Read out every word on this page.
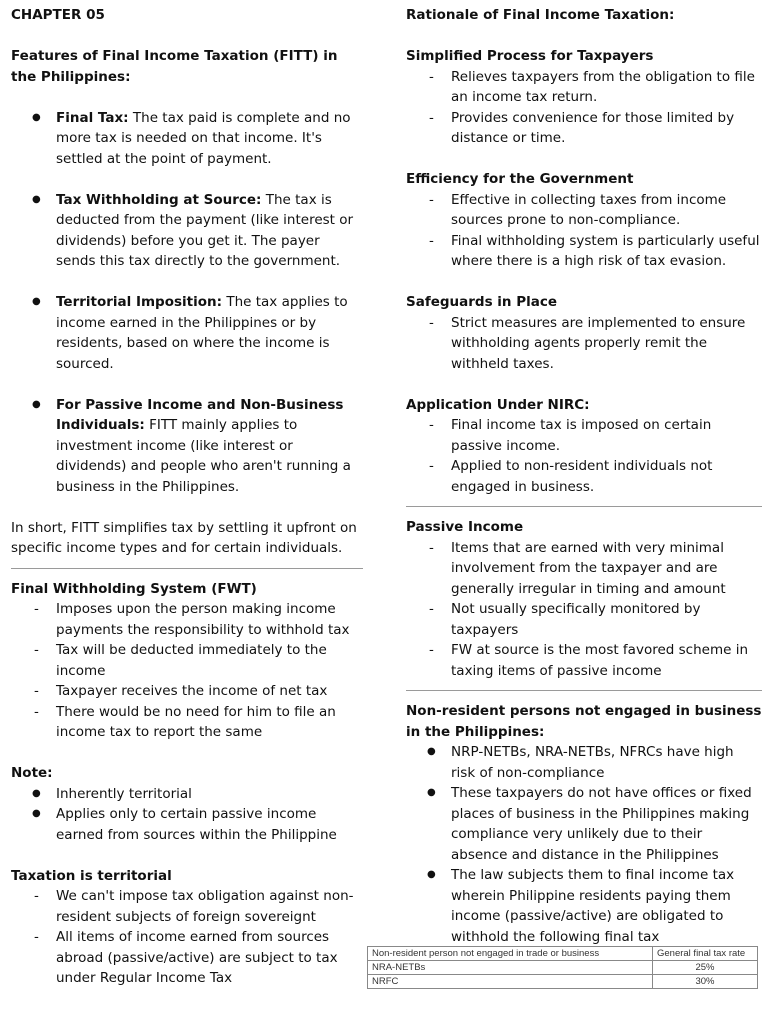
CHAPTER 05

Features of Final Income Taxation (FITT) in the Philippines:

● Final Tax: The tax paid is complete and no more tax is needed on that income. It's settled at the point of payment.
● Tax Withholding at Source: The tax is deducted from the payment (like interest or dividends) before you get it. The payer sends this tax directly to the government.
● Territorial Imposition: The tax applies to income earned in the Philippines or by residents, based on where the income is sourced.
● For Passive Income and Non-Business Individuals: FITT mainly applies to investment income (like interest or dividends) and people who aren't running a business in the Philippines.

In short, FITT simplifies tax by settling it upfront on specific income types and for certain individuals.

Final Withholding System (FWT)

- Imposes upon the person making income payments the responsibility to withhold tax
- Tax will be deducted immediately to the income
- Taxpayer receives the income of net tax
- There would be no need for him to file an income tax to report the same

Note:

● Inherently territorial
● Applies only to certain passive income earned from sources within the Philippine

Taxation is territorial

- We can't impose tax obligation against non-resident subjects of foreign sovereignt
- All items of income earned from sources abroad (passive/active) are subject to tax under Regular Income Tax

Rationale of Final Income Taxation:

Simplified Process for Taxpayers

- Relieves taxpayers from the obligation to file an income tax return.
- Provides convenience for those limited by distance or time.

Efficiency for the Government

- Effective in collecting taxes from income sources prone to non-compliance.
- Final withholding system is particularly useful where there is a high risk of tax evasion.

Safeguards in Place

- Strict measures are implemented to ensure withholding agents properly remit the withheld taxes.

Application Under NIRC:

- Final income tax is imposed on certain passive income.
- Applied to non-resident individuals not engaged in business.

Passive Income

- Items that are earned with very minimal involvement from the taxpayer and are generally irregular in timing and amount
- Not usually specifically monitored by taxpayers
- FW at source is the most favored scheme in taxing items of passive income

Non-resident persons not engaged in business in the Philippines:

● NRP-NETBs, NRA-NETBs, NFRCs have high risk of non-compliance
● These taxpayers do not have offices or fixed places of business in the Philippines making compliance very unlikely due to their absence and distance in the Philippines
● The law subjects them to final income tax wherein Philippine residents paying them income (passive/active) are obligated to withhold the following final tax
Non-resident person not engaged in trade or business	General final tax rate
NRA-NETBs	25%
NRFC	30%
